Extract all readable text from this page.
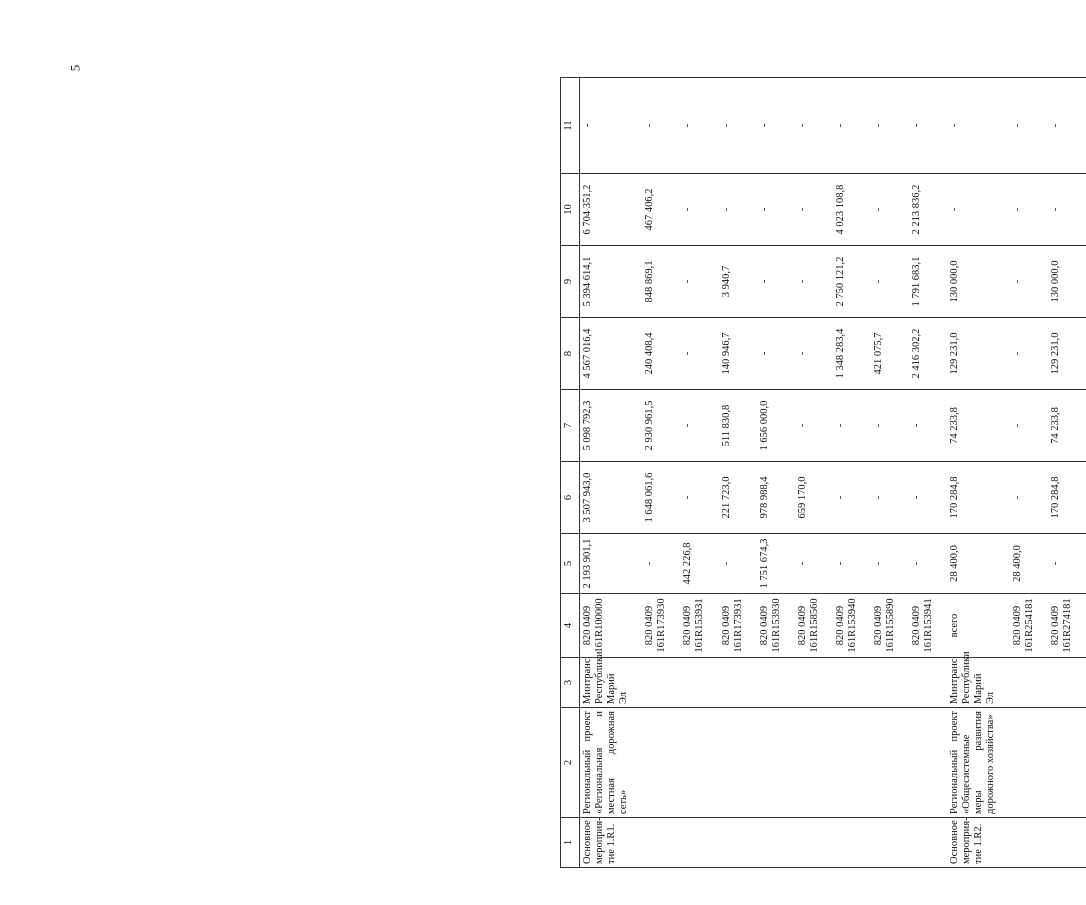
5
1	2	3	4	5	6	7	8	9	10	11
Основное мероприя-тие 1.R1.	Региональный проект «Региональная и местная дорожная сеть»	Минтранс Республики Марий Эл	820 0409 161R100000	2 193 901,1	3 507 943,0	5 098 792,3	4 567 016,4	5 394 614,1	6 704 351,2	-

			820 0409 161R173930	-	1 648 061,6	2 930 961,5	240 408,4	848 869,1	467 406,2	-

			820 0409 161R153931	442 226,8	-	-	-	-	-	-

			820 0409 161R173931	-	221 723,0	511 830,8	140 946,7	3 940,7	-	-

			820 0409 161R153930	1 751 674,3	978 988,4	1 656 000,0	-	-	-	-

			820 0409 161R158560	-	659 170,0	-	-	-	-	-

			820 0409 161R153940	-	-	-	1 348 283,4	2 750 121,2	4 023 108,8	-

			820 0409 161R155890	-	-	-	421 075,7	-	-	-

			820 0409 161R153941	-	-	-	2 416 302,2	1 791 683,1	2 213 836,2	-

Основное мероприя-тие 1.R2.	Региональный проект «Общесистемные меры развития дорожного хозяйства»	Минтранс Республики Марий Эл	всего	28 400,0	170 284,8	74 233,8	129 231,0	130 000,0	-	-

			820 0409 161R254181	28 400,0	-	-	-	-	-	-

			820 0409 161R274181	-	170 284,8	74 233,8	129 231,0	130 000,0	-	-
